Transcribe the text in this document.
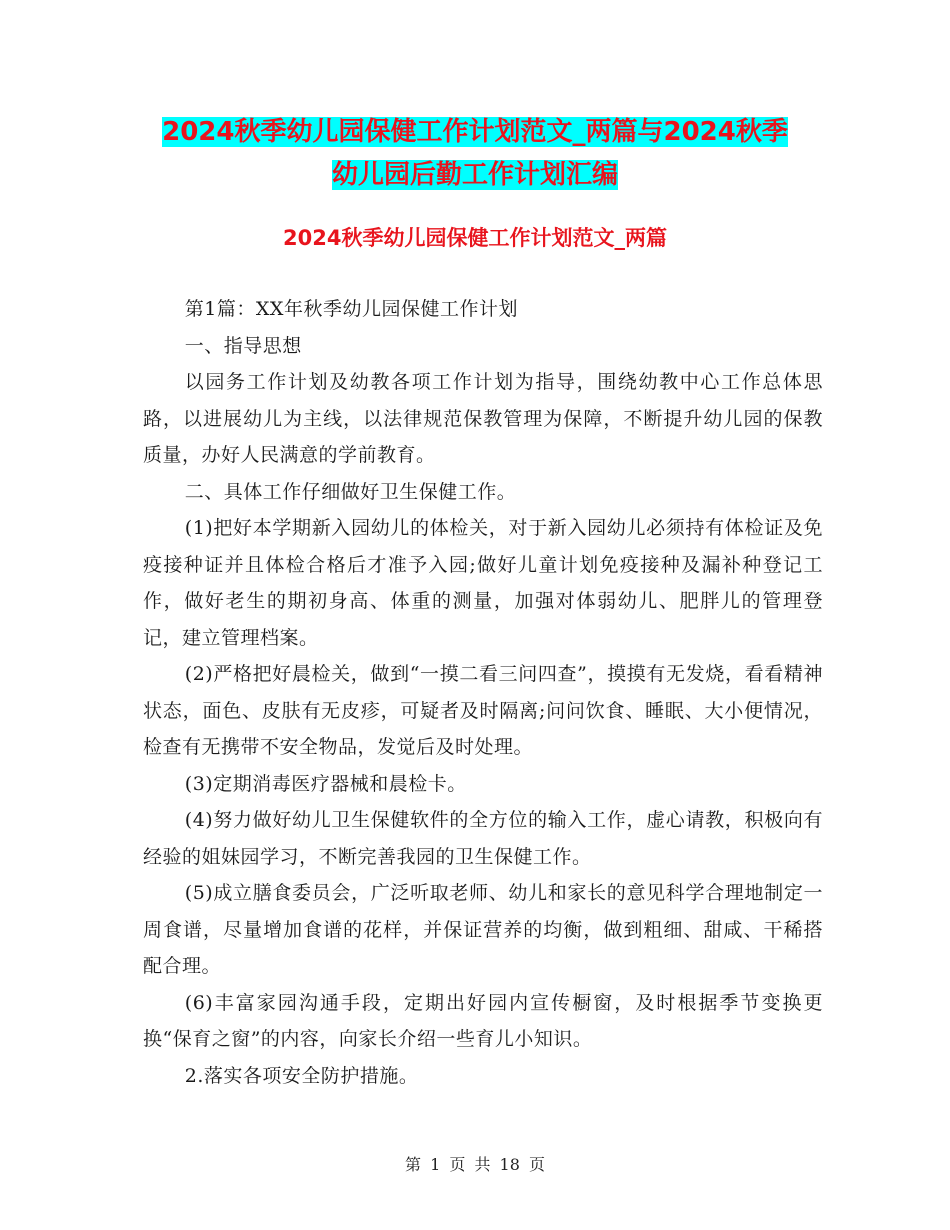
2024秋季幼儿园保健工作计划范文_两篇与2024秋季
幼儿园后勤工作计划汇编
2024秋季幼儿园保健工作计划范文_两篇

第1篇：XX年秋季幼儿园保健工作计划

一、指导思想

以园务工作计划及幼教各项工作计划为指导，围绕幼教中心工作总体思路，以进展幼儿为主线，以法律规范保教管理为保障，不断提升幼儿园的保教质量，办好人民满意的学前教育。

二、具体工作仔细做好卫生保健工作。

(1)把好本学期新入园幼儿的体检关，对于新入园幼儿必须持有体检证及免疫接种证并且体检合格后才准予入园;做好儿童计划免疫接种及漏补种登记工作，做好老生的期初身高、体重的测量，加强对体弱幼儿、肥胖儿的管理登记，建立管理档案。

(2)严格把好晨检关，做到“一摸二看三问四查”，摸摸有无发烧，看看精神状态，面色、皮肤有无皮疹，可疑者及时隔离;问问饮食、睡眠、大小便情况，检查有无携带不安全物品，发觉后及时处理。

(3)定期消毒医疗器械和晨检卡。

(4)努力做好幼儿卫生保健软件的全方位的输入工作，虚心请教，积极向有经验的姐妹园学习，不断完善我园的卫生保健工作。

(5)成立膳食委员会，广泛听取老师、幼儿和家长的意见科学合理地制定一周食谱，尽量增加食谱的花样，并保证营养的均衡，做到粗细、甜咸、干稀搭配合理。

(6)丰富家园沟通手段，定期出好园内宣传橱窗，及时根据季节变换更换“保育之窗”的内容，向家长介绍一些育儿小知识。

2.落实各项安全防护措施。

第 1 页 共 18 页
